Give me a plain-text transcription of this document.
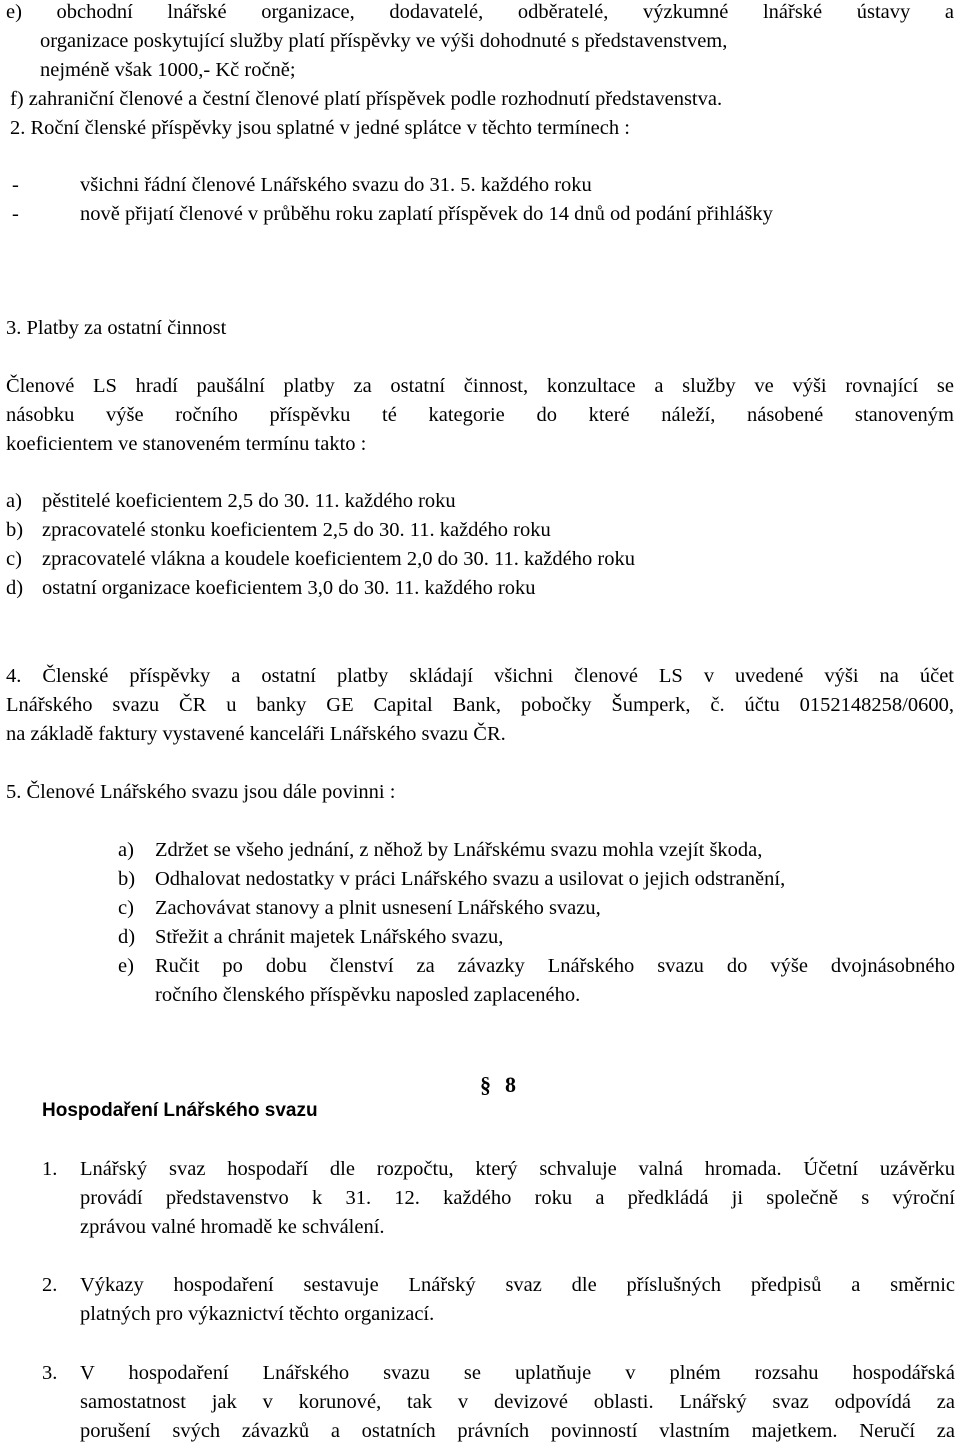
e) obchodní lnářské organizace, dodavatelé, odběratelé, výzkumné lnářské ústavy a
organizace poskytující služby platí příspěvky ve výši dohodnuté s představenstvem,
nejméně však 1000,- Kč ročně;
f) zahraniční členové a čestní členové platí příspěvek podle rozhodnutí představenstva.
2. Roční členské příspěvky jsou splatné v jedné splátce v těchto termínech :
-	všichni řádní členové Lnářského svazu do 31. 5. každého roku
-	nově přijatí členové v průběhu roku zaplatí příspěvek do 14 dnů od podání přihlášky
3. Platby za ostatní činnost
Členové LS hradí paušální platby za ostatní činnost, konzultace a služby ve výši rovnající se
násobku výše ročního příspěvku té kategorie do které náleží, násobené stanoveným
koeficientem ve stanoveném termínu takto :
a) pěstitelé koeficientem 2,5 do 30. 11. každého roku
b) zpracovatelé stonku koeficientem 2,5 do 30. 11. každého roku
c) zpracovatelé vlákna a koudele koeficientem 2,0 do 30. 11. každého roku
d) ostatní organizace koeficientem 3,0 do 30. 11. každého roku
4. Členské příspěvky a ostatní platby skládají všichni členové LS v uvedené výši na účet
Lnářského svazu ČR u banky GE Capital Bank, pobočky Šumperk, č. účtu 0152148258/0600,
na základě faktury vystavené kanceláři Lnářského svazu ČR.
5. Členové Lnářského svazu jsou dále povinni :
a) Zdržet se všeho jednání, z něhož by Lnářskému svazu mohla vzejít škoda,
b) Odhalovat nedostatky v práci Lnářského svazu a usilovat o jejich odstranění,
c) Zachovávat stanovy a plnit usnesení Lnářského svazu,
d) Střežit a chránit majetek Lnářského svazu,
e) Ručit po dobu členství za závazky Lnářského svazu do výše dvojnásobného
ročního členského příspěvku naposled zaplaceného.
§ 8
Hospodaření Lnářského svazu
1. Lnářský svaz hospodaří dle rozpočtu, který schvaluje valná hromada. Účetní uzávěrku
provádí představenstvo k 31. 12. každého roku a předkládá ji společně s výroční
zprávou valné hromadě ke schválení.
2. Výkazy hospodaření sestavuje Lnářský svaz dle příslušných předpisů a směrnic
platných pro výkaznictví těchto organizací.
3. V hospodaření Lnářského svazu se uplatňuje v plném rozsahu hospodářská
samostatnost jak v korunové, tak v devizové oblasti. Lnářský svaz odpovídá za
porušení svých závazků a ostatních právních povinností vlastním majetkem. Neručí za
